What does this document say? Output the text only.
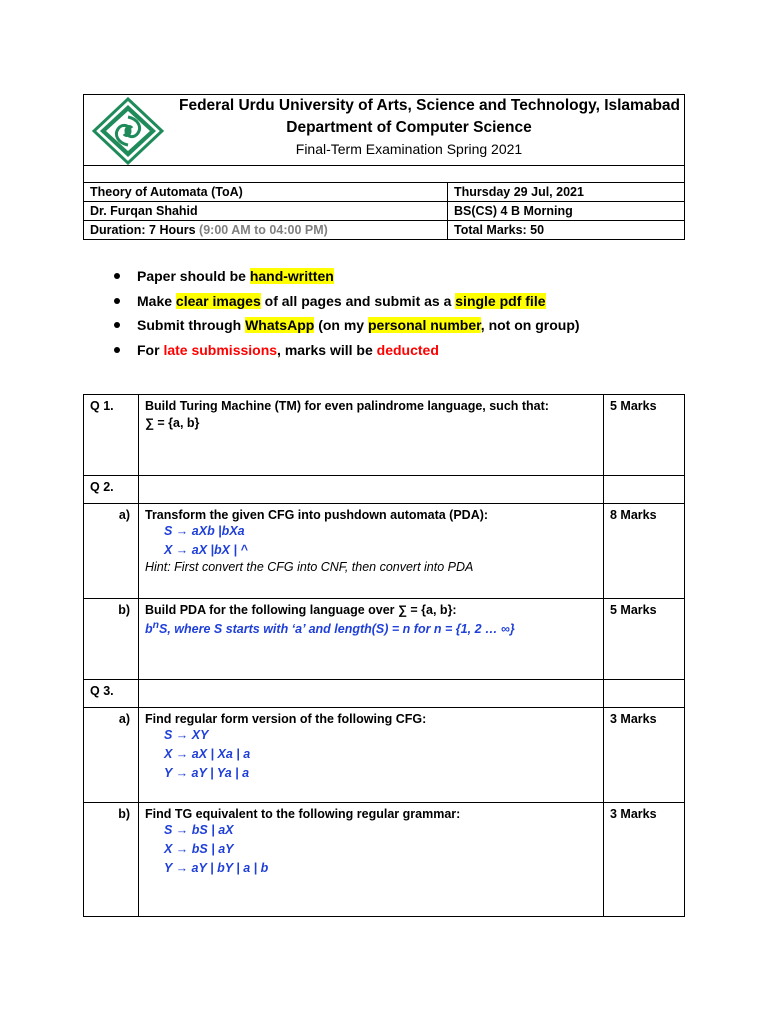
Federal Urdu University of Arts, Science and Technology, Islamabad
Department of Computer Science
Final-Term Examination Spring 2021
Theory of Automata (ToA)	Thursday 29 Jul, 2021
Dr. Furqan Shahid	BS(CS) 4 B Morning
Duration: 7 Hours (9:00 AM to 04:00 PM)	Total Marks: 50
Paper should be hand-written
Make clear images of all pages and submit as a single pdf file
Submit through WhatsApp (on my personal number, not on group)
For late submissions, marks will be deducted
Q 1.	Build Turing Machine (TM) for even palindrome language, such that:
∑ = {a, b}	5 Marks
Q 2.		
a)	Transform the given CFG into pushdown automata (PDA):
S → aXb |bXa
X → aX |bX | ^
Hint: First convert the CFG into CNF, then convert into PDA	8 Marks
b)	Build PDA for the following language over ∑ = {a, b}:
$b^nS$, where S starts with ‘a’ and length(S) = n for n = {1, 2 … ∞}	5 Marks
Q 3.		
a)	Find regular form version of the following CFG:
S → XY
X → aX | Xa | a
Y → aY | Ya | a	3 Marks
b)	Find TG equivalent to the following regular grammar:
S → bS | aX
X → bS | aY
Y → aY | bY | a | b	3 Marks
